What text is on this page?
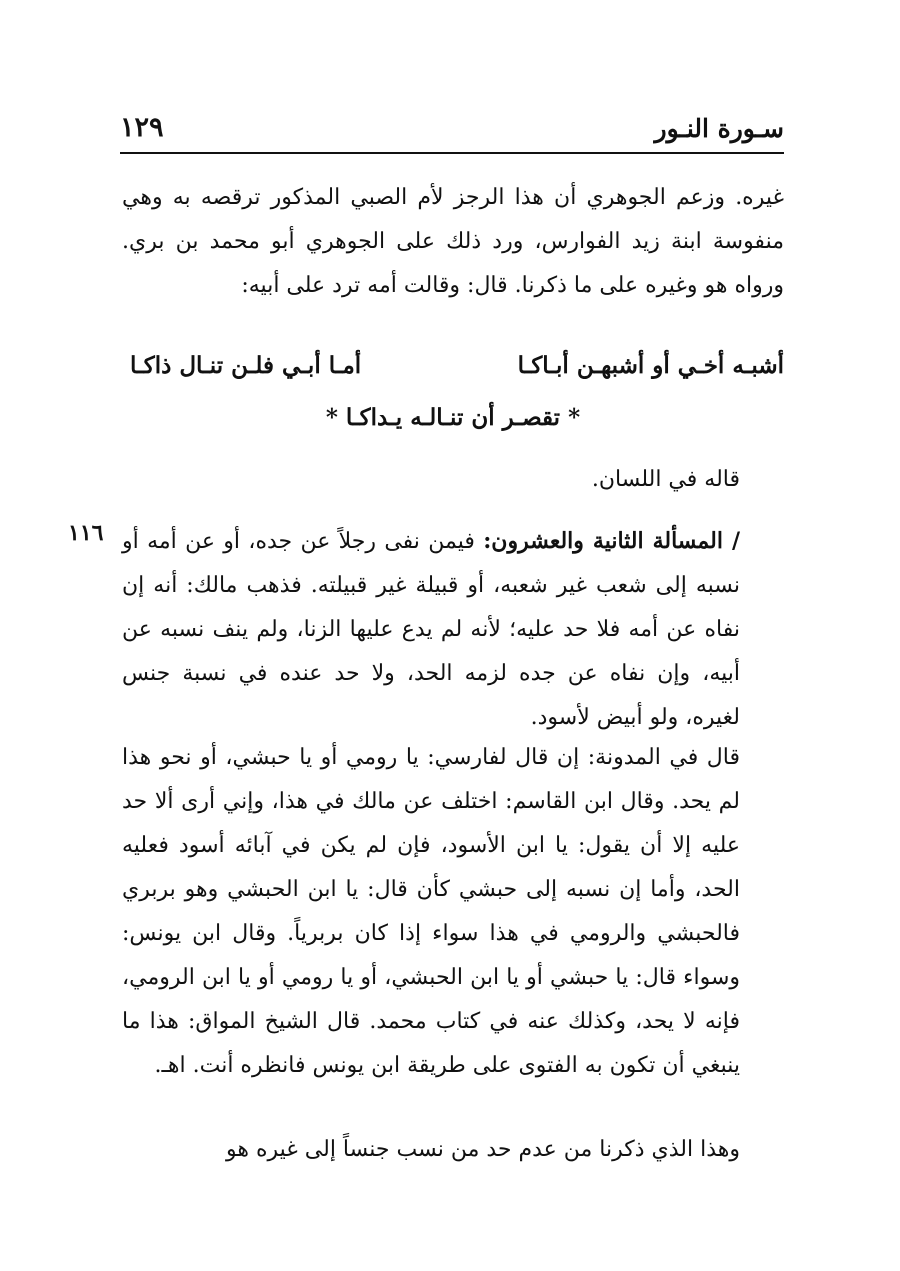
سـورة النـور
١٢٩

غيره. وزعم الجوهري أن هذا الرجز لأم الصبي المذكور ترقصه به وهي منفوسة ابنة زيد الفوارس، ورد ذلك على الجوهري أبو محمد بن بري. ورواه هو وغيره على ما ذكرنا. قال: وقالت أمه ترد على أبيه:

أشبـه أخـي أو أشبهـن أبـاكـا
أمـا أبـي فلـن تنـال ذاكـا
* تقصـر أن تنـالـه يـداكـا *

قاله في اللسان.

١١٦	/ المسألة الثانية والعشرون: فيمن نفى رجلاً عن جده، أو عن أمه أو نسبه إلى شعب غير شعبه، أو قبيلة غير قبيلته. فذهب مالك: أنه إن نفاه عن أمه فلا حد عليه؛ لأنه لم يدع عليها الزنا، ولم ينف نسبه عن أبيه، وإن نفاه عن جده لزمه الحد، ولا حد عنده في نسبة جنس لغيره، ولو أبيض لأسود.

قال في المدونة: إن قال لفارسي: يا رومي أو يا حبشي، أو نحو هذا لم يحد. وقال ابن القاسم: اختلف عن مالك في هذا، وإني أرى ألا حد عليه إلا أن يقول: يا ابن الأسود، فإن لم يكن في آبائه أسود فعليه الحد، وأما إن نسبه إلى حبشي كأن قال: يا ابن الحبشي وهو بربري فالحبشي والرومي في هذا سواء إذا كان بربرياً. وقال ابن يونس: وسواء قال: يا حبشي أو يا ابن الحبشي، أو يا رومي أو يا ابن الرومي، فإنه لا يحد، وكذلك عنه في كتاب محمد. قال الشيخ المواق: هذا ما ينبغي أن تكون به الفتوى على طريقة ابن يونس فانظره أنت. اهـ.

وهذا الذي ذكرنا من عدم حد من نسب جنساً إلى غيره هو
